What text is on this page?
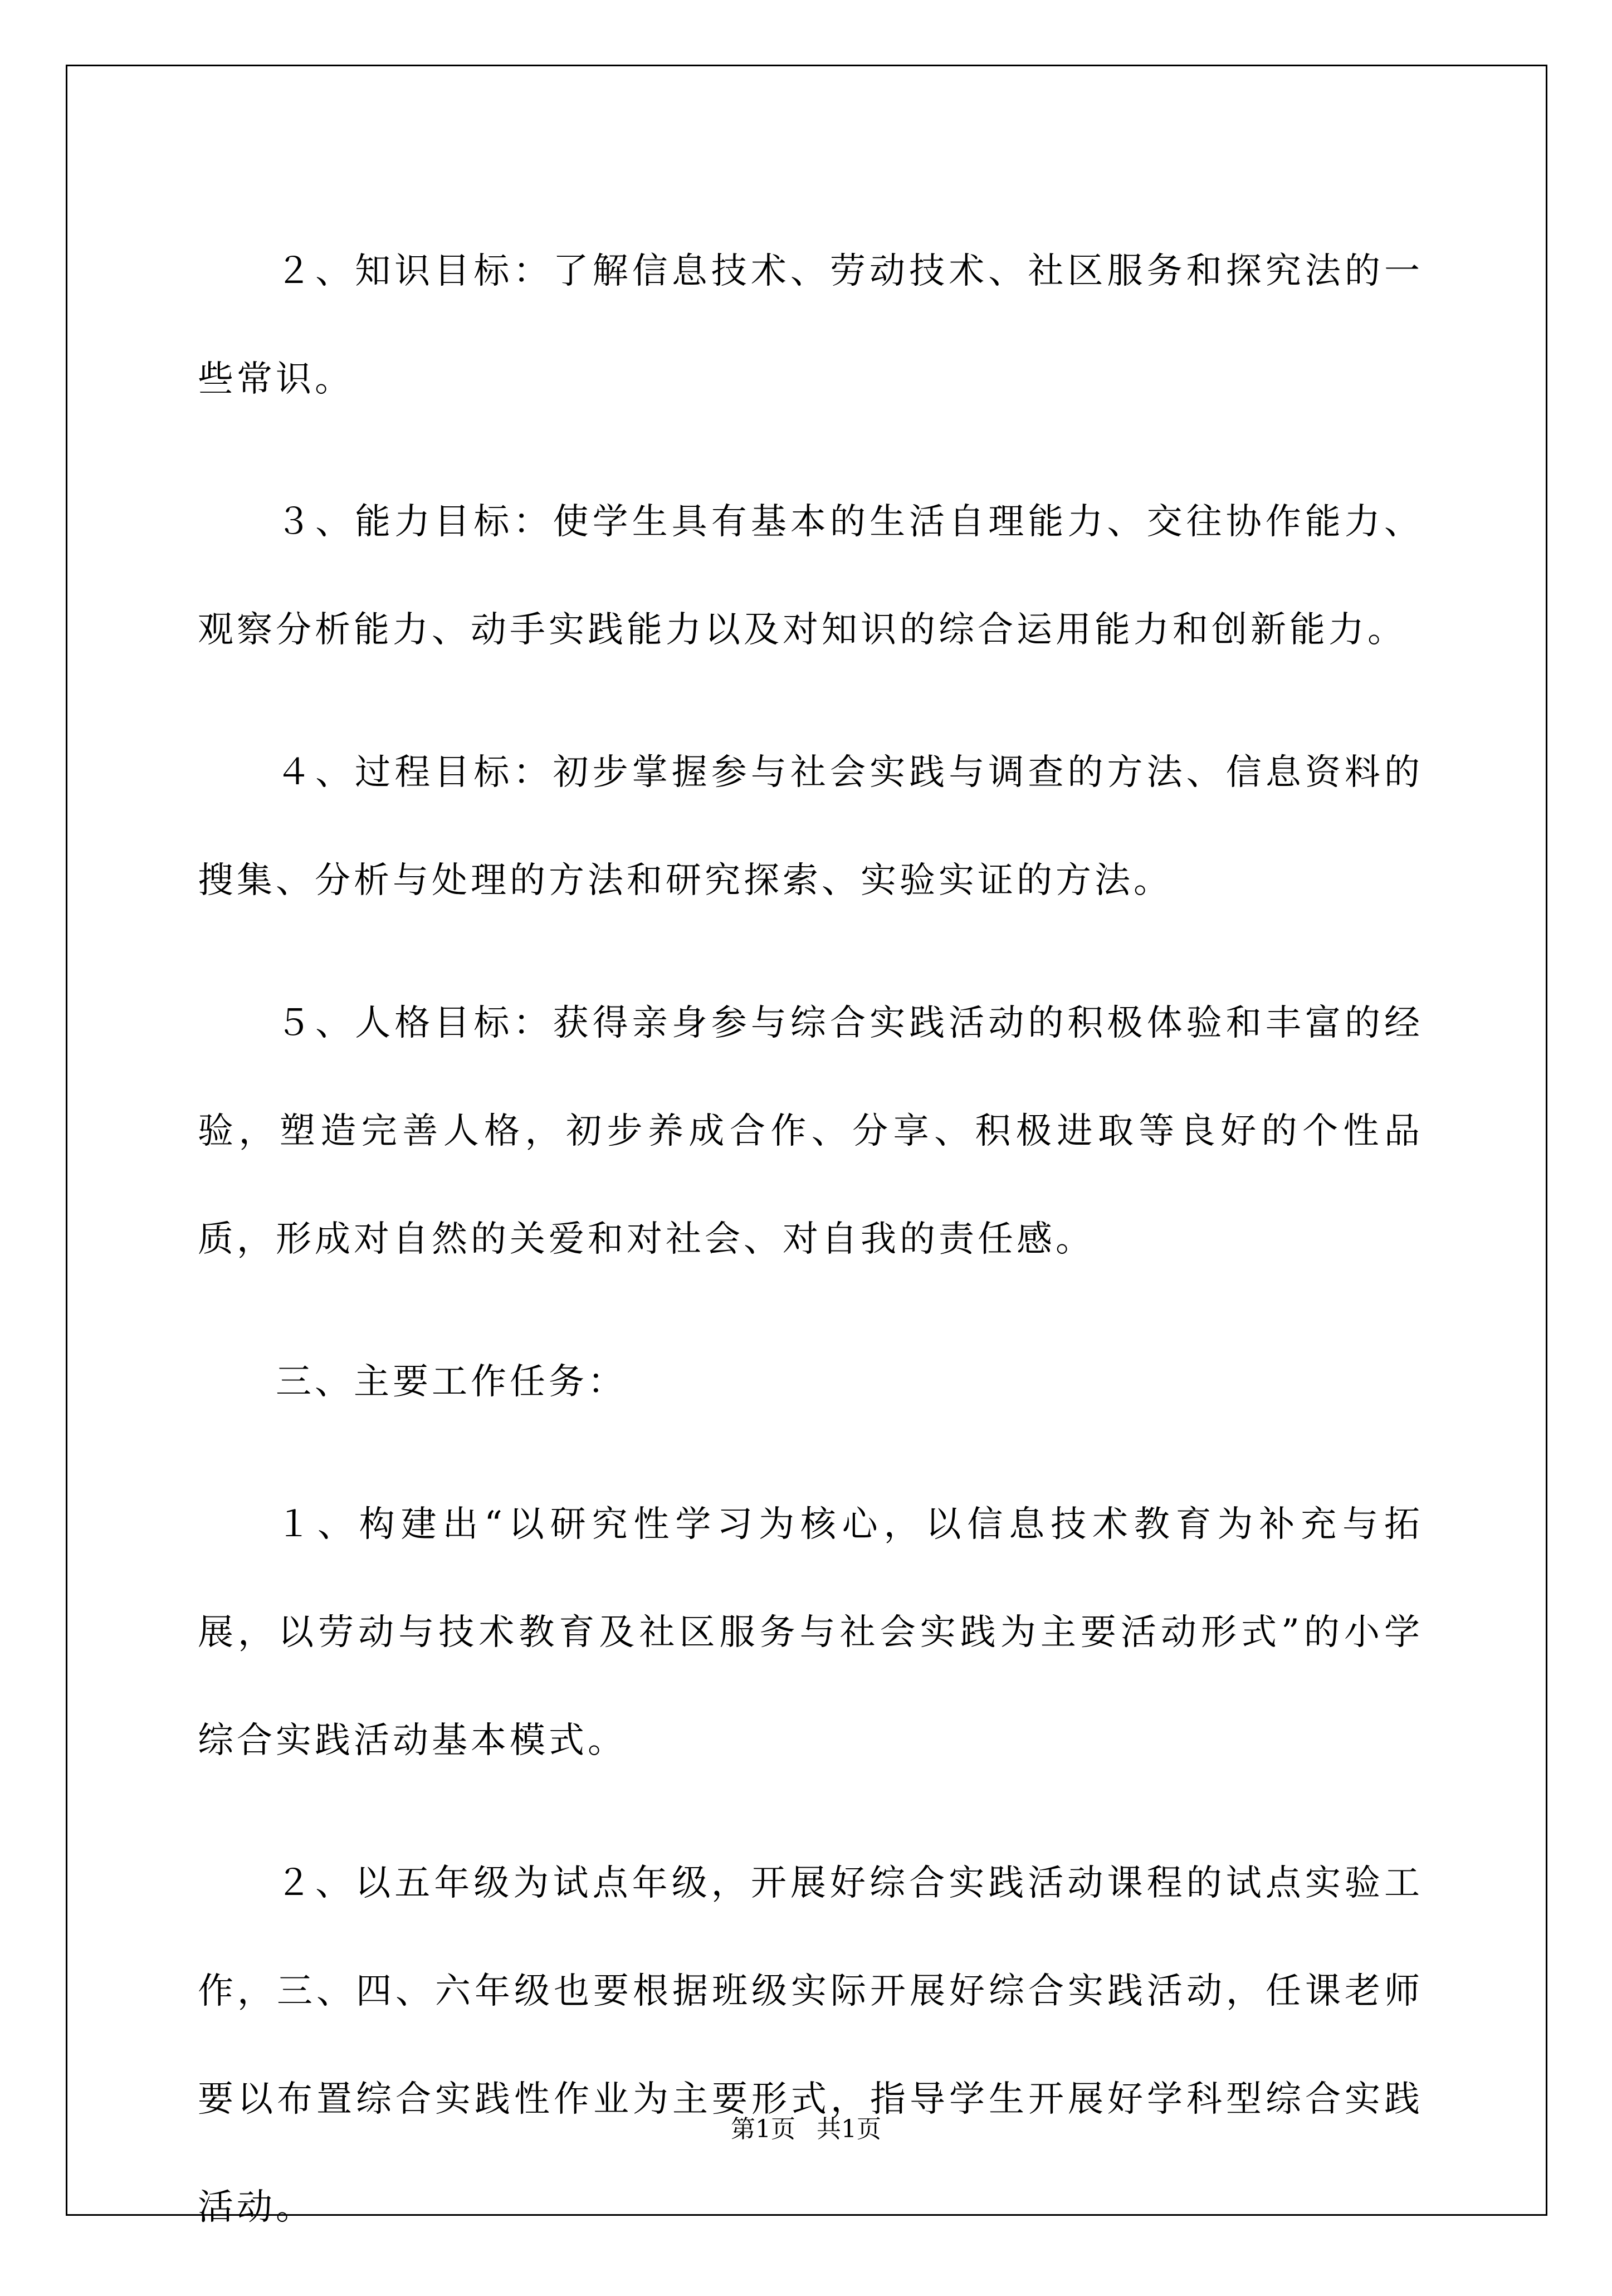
２、知识目标：了解信息技术、劳动技术、社区服务和探究法的一些常识。

３、能力目标：使学生具有基本的生活自理能力、交往协作能力、观察分析能力、动手实践能力以及对知识的综合运用能力和创新能力。

４、过程目标：初步掌握参与社会实践与调查的方法、信息资料的搜集、分析与处理的方法和研究探索、实验实证的方法。

５、人格目标：获得亲身参与综合实践活动的积极体验和丰富的经验，塑造完善人格，初步养成合作、分享、积极进取等良好的个性品质，形成对自然的关爱和对社会、对自我的责任感。

三、主要工作任务：

１、构建出“以研究性学习为核心，以信息技术教育为补充与拓展，以劳动与技术教育及社区服务与社会实践为主要活动形式”的小学综合实践活动基本模式。

２、以五年级为试点年级，开展好综合实践活动课程的试点实验工作，三、四、六年级也要根据班级实际开展好综合实践活动，任课老师要以布置综合实践性作业为主要形式，指导学生开展好学科型综合实践活动。

第1页 共1页
